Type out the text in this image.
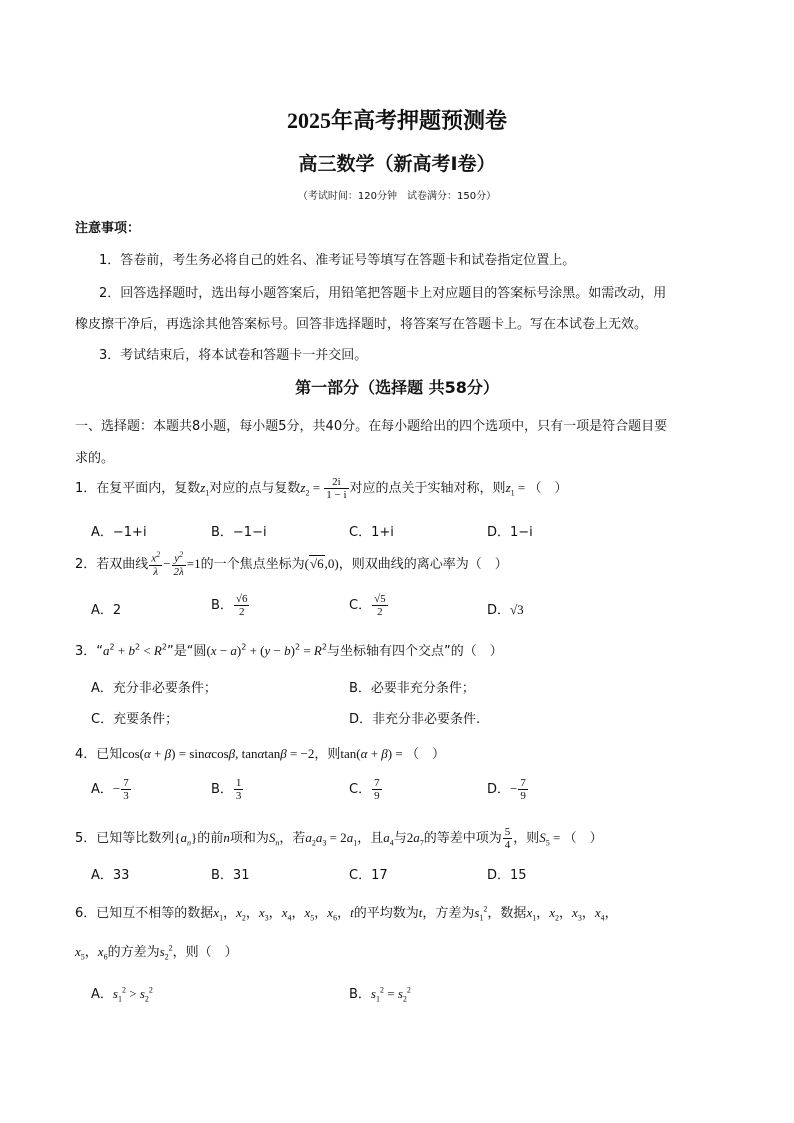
2025年高考押题预测卷
高三数学（新高考Ⅰ卷）
（考试时间：120分钟　试卷满分：150分）
注意事项：
1．答卷前，考生务必将自己的姓名、准考证号等填写在答题卡和试卷指定位置上。
2．回答选择题时，选出每小题答案后，用铅笔把答题卡上对应题目的答案标号涂黑。如需改动，用
橡皮擦干净后，再选涂其他答案标号。回答非选择题时，将答案写在答题卡上。写在本试卷上无效。
3．考试结束后，将本试卷和答题卡一并交回。
第一部分（选择题 共58分）
一、选择题：本题共8小题，每小题5分，共40分。在每小题给出的四个选项中，只有一项是符合题目要
求的。
1．在复平面内，复数$z_1$对应的点与复数$z_2 = \frac{2i}{1 - i}$ 对应的点关于实轴对称，则$z_1$ = （　）
A．−1+i	B．−1−i	C．1+i	D．1−i
2．若双曲线 $\frac{x^2}{\lambda} - \frac{y^2}{2\lambda} =1$的一个焦点坐标为(√6,0)，则双曲线的离心率为（　）
A．2	B． $\frac{√6}{2}$	C． $\frac{√5}{2}$	D．√3
3．“$a^2 + b^2 < R^2$”是“圆$(x - a)^2 + (y - b)^2 = R^2$与坐标轴有四个交点”的（　）
A．充分非必要条件；	B．必要非充分条件；
C．充要条件；	D．非充分非必要条件.
4．已知cos(α + β) = sinαcosβ, tanαtanβ = −2，则tan(α + β) = （　）
A．− $\frac{7}{3}$	B． $\frac{1}{3}$	C． $\frac{7}{9}$	D．− $\frac{7}{9}$
5．已知等比数列$\{a_n\}$的前n项和为$S_n$，若$a_2a_3 = 2a_1$，且$a_4$与$2a_7$的等差中项为 $\frac{5}{4}$ ，则$S_5$ = （　）
A．33	B．31	C．17	D．15
6．已知互不相等的数据$x_1$，$x_2$，$x_3$，$x_4$，$x_5$，$x_6$，t的平均数为t，方差为$s_1^2$，数据$x_1$，$x_2$，$x_3$，$x_4$，
$x_5$，$x_6$的方差为$s_2^2$，则（　）
A．$s_1^2 > s_2^2$	B．$s_1^2 = s_2^2$
